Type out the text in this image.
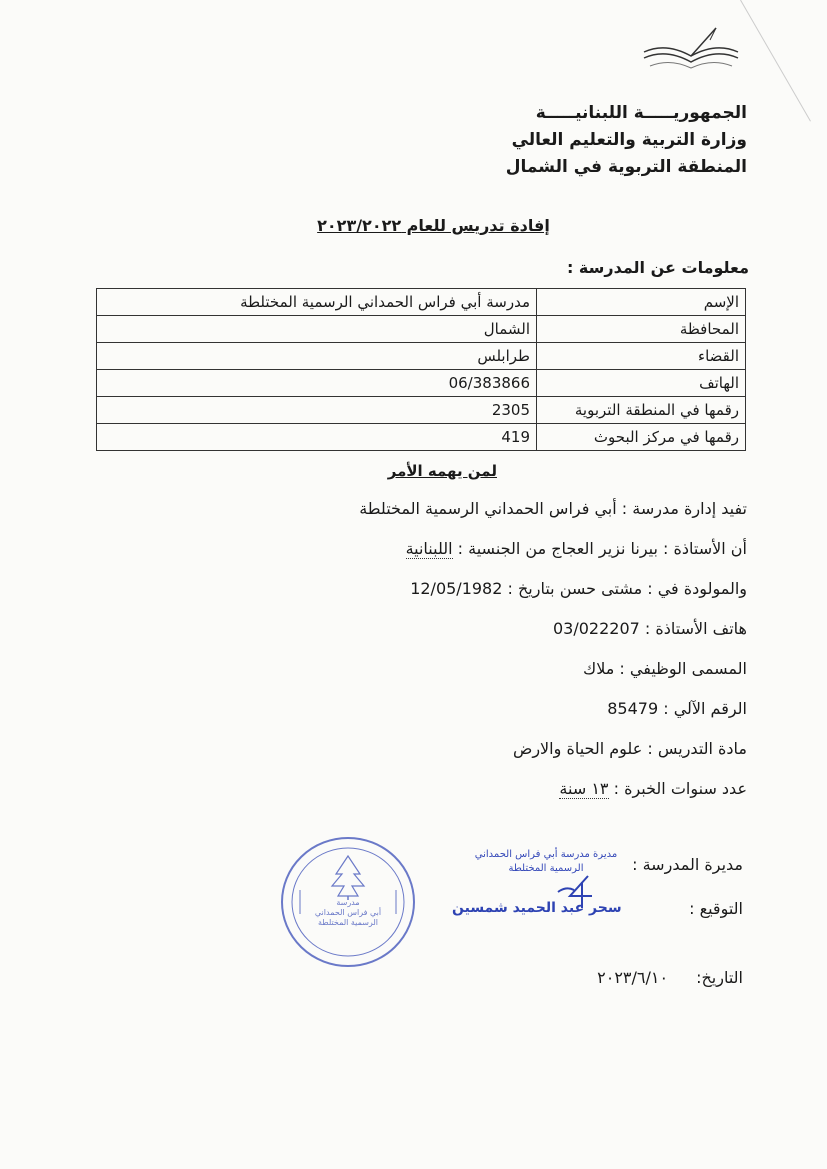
الجمهوريـــــة اللبنانيـــــة
وزارة التربية والتعليم العالي
المنطقة التربوية في الشمال
إفادة تدريس للعام ٢٠٢٣/٢٠٢٢
معلومات عن المدرسة :
الإسم	مدرسة أبي فراس الحمداني الرسمية المختلطة
المحافظة	الشمال
القضاء	طرابلس
الهاتف	06/383866
رقمها في المنطقة التربوية	2305
رقمها في مركز البحوث	419
لمن يهمه الأمر
تفيد إدارة مدرسة : أبي فراس الحمداني الرسمية المختلطة
أن الأستاذة : بيرنا نزير العجاج من الجنسية : اللبنانية
والمولودة في : مشتى حسن بتاريخ : 12/05/1982
هاتف الأستاذة : 03/022207
المسمى الوظيفي : ملاك
الرقم الآلي : 85479
مادة التدريس : علوم الحياة والارض
عدد سنوات الخبرة : ١٣ سنة
مديرة المدرسة :
التوقيع :
مديرة مدرسة أبي فراس الحمداني
الرسمية المختلطة
سحر عبد الحميد شمسين
مدرسة
أبي فراس الحمداني
الرسمية المختلطة
التاريخ:٢٠٢٣/٦/١٠
